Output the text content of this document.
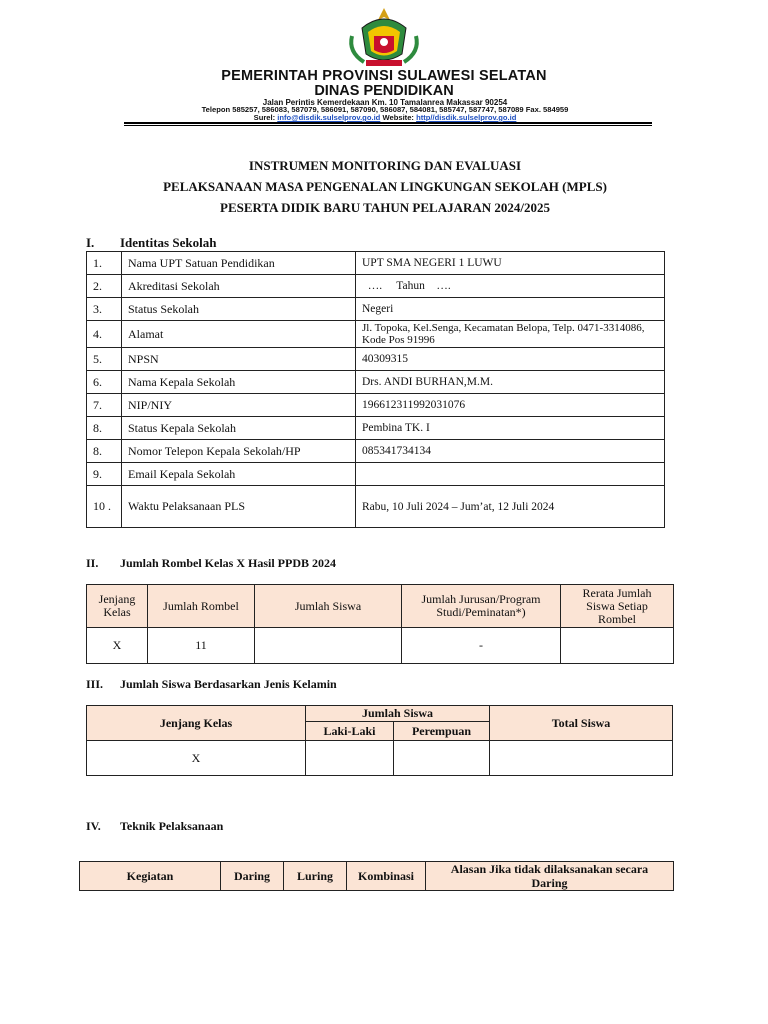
PEMERINTAH PROVINSI SULAWESI SELATAN
DINAS PENDIDIKAN
Jalan Perintis Kemerdekaan Km. 10 Tamalanrea Makassar 90254
Telepon 585257, 586083, 587079, 586091, 587090, 586087, 584081, 585747, 587747, 587089 Fax. 584959
Surel: info@disdik.sulselprov.go.id Website: http//disdik.sulselprov.go.id
INSTRUMEN MONITORING DAN EVALUASI
PELAKSANAAN MASA PENGENALAN LINGKUNGAN SEKOLAH (MPLS)
PESERTA DIDIK BARU TAHUN PELAJARAN 2024/2025
I. Identitas Sekolah
1.	Nama UPT Satuan Pendidikan	UPT SMA NEGERI 1 LUWU
2.	Akreditasi Sekolah	….     Tahun    ….
3.	Status Sekolah	Negeri
4.	Alamat	Jl. Topoka, Kel.Senga, Kecamatan Belopa, Telp. 0471-3314086, Kode Pos 91996
5.	NPSN	40309315
6.	Nama Kepala Sekolah	Drs. ANDI BURHAN,M.M.
7.	NIP/NIY	196612311992031076
8.	Status Kepala Sekolah	Pembina TK. I
8.	Nomor Telepon Kepala Sekolah/HP	085341734134
9.	Email Kepala Sekolah	
10 .	Waktu Pelaksanaan PLS	Rabu, 10 Juli 2024 – Jum’at, 12 Juli 2024
II. Jumlah Rombel Kelas X Hasil PPDB 2024
Jenjang Kelas	Jumlah Rombel	Jumlah Siswa	Jumlah Jurusan/Program Studi/Peminatan*)	Rerata Jumlah Siswa Setiap Rombel
X	11		-	
III. Jumlah Siswa Berdasarkan Jenis Kelamin
Jenjang Kelas	Jumlah Siswa		Total Siswa
	Laki-Laki	Perempuan	
X			
IV. Teknik Pelaksanaan
Kegiatan	Daring	Luring	Kombinasi	Alasan Jika tidak dilaksanakan secara Daring
